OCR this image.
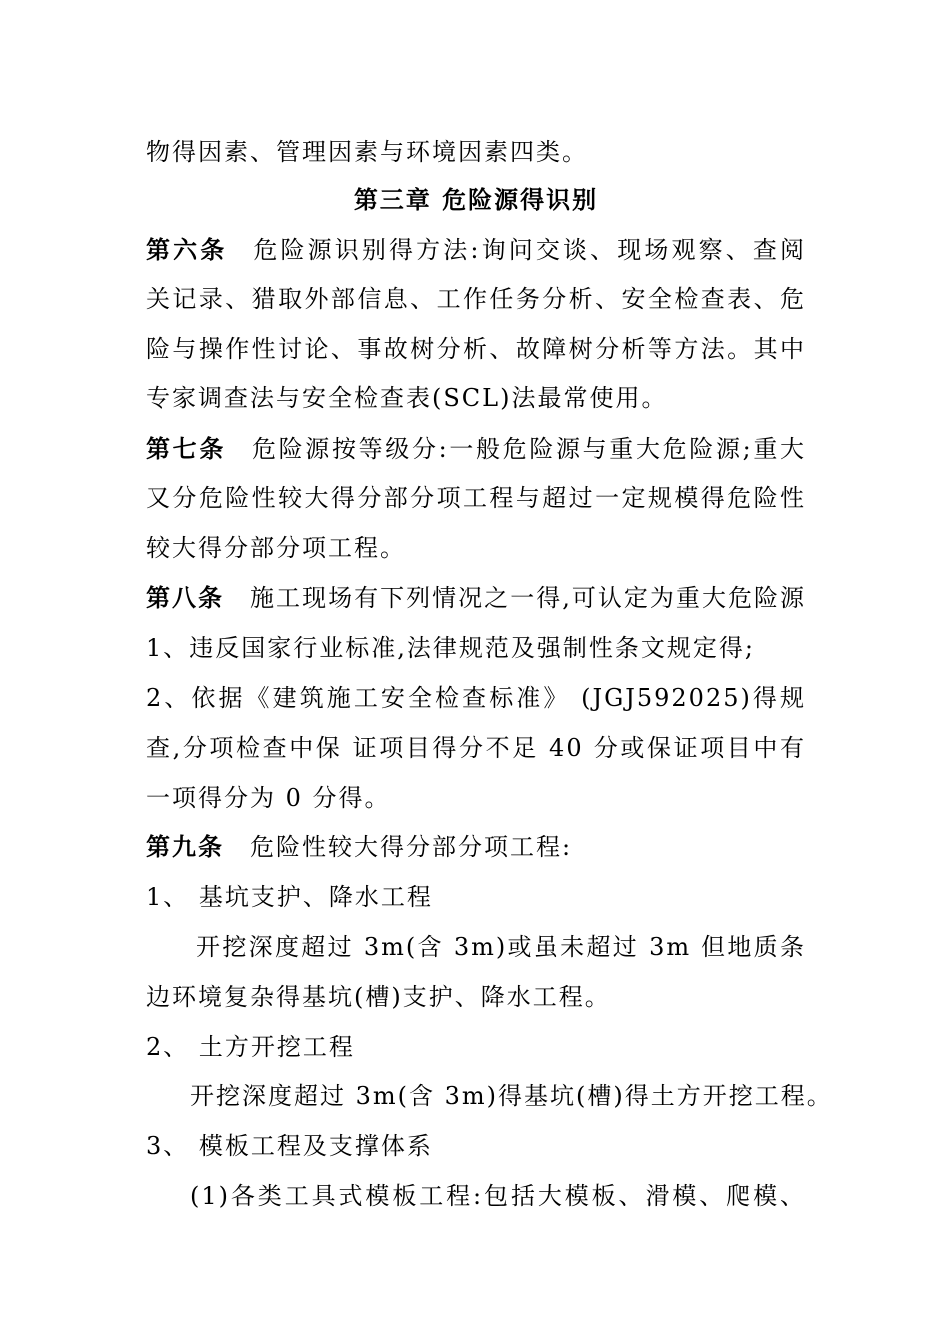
物得因素、管理因素与环境因素四类。
第三章 危险源得识别
第六条 危险源识别得方法:询问交谈、现场观察、查阅
关记录、猎取外部信息、工作任务分析、安全检查表、危
险与操作性讨论、事故树分析、故障树分析等方法。其中
专家调查法与安全检查表(SCL)法最常使用。
第七条 危险源按等级分:一般危险源与重大危险源;重大
又分危险性较大得分部分项工程与超过一定规模得危险性
较大得分部分项工程。
第八条 施工现场有下列情况之一得,可认定为重大危险源
1、违反国家行业标准,法律规范及强制性条文规定得;
2、依据《建筑施工安全检查标准》 (JGJ592025)得规
查,分项检查中保 证项目得分不足 40 分或保证项目中有
一项得分为 0 分得。
第九条 危险性较大得分部分项工程:
1、 基坑支护、降水工程
开挖深度超过 3m(含 3m)或虽未超过 3m 但地质条
边环境复杂得基坑(槽)支护、降水工程。
2、 土方开挖工程
开挖深度超过 3m(含 3m)得基坑(槽)得土方开挖工程。
3、 模板工程及支撑体系
(1)各类工具式模板工程:包括大模板、滑模、爬模、
